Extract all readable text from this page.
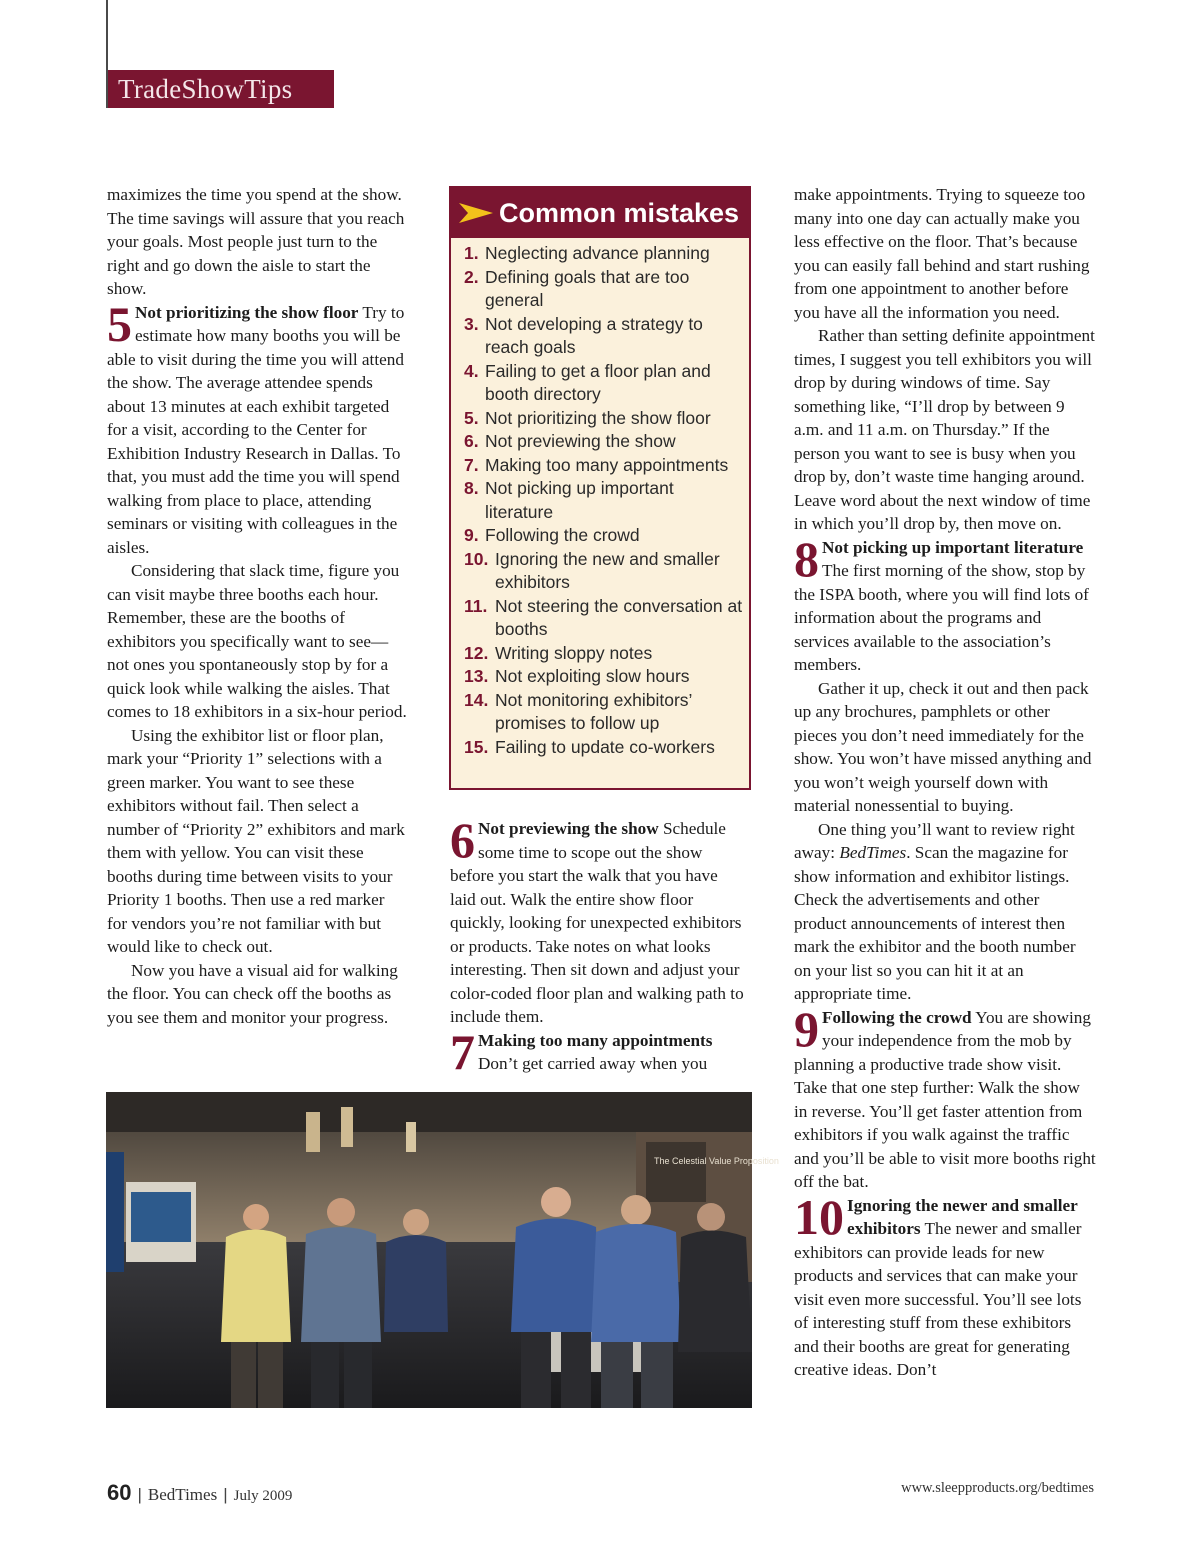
TradeShowTips

maximizes the time you spend at the show. The time savings will assure that you reach your goals. Most people just turn to the right and go down the aisle to start the show.

5 Not prioritizing the show floor Try to estimate how many booths you will be able to visit during the time you will attend the show. The average attendee spends about 13 minutes at each exhibit targeted for a visit, according to the Center for Exhibition Industry Research in Dallas. To that, you must add the time you will spend walking from place to place, attending seminars or visiting with colleagues in the aisles.

Considering that slack time, figure you can visit maybe three booths each hour. Remember, these are the booths of exhibitors you specifically want to see—not ones you spontaneously stop by for a quick look while walking the aisles. That comes to 18 exhibitors in a six-hour period.

Using the exhibitor list or floor plan, mark your “Priority 1” selections with a green marker. You want to see these exhibitors without fail. Then select a number of “Priority 2” exhibitors and mark them with yellow. You can visit these booths during time between visits to your Priority 1 booths. Then use a red marker for vendors you’re not familiar with but would like to check out.

Now you have a visual aid for walking the floor. You can check off the booths as you see them and monitor your progress.

Common mistakes
1. Neglecting advance planning
2. Defining goals that are too general
3. Not developing a strategy to reach goals
4. Failing to get a floor plan and booth directory
5. Not prioritizing the show floor
6. Not previewing the show
7. Making too many appointments
8. Not picking up important literature
9. Following the crowd
10. Ignoring the new and smaller exhibitors
11. Not steering the conversation at booths
12. Writing sloppy notes
13. Not exploiting slow hours
14. Not monitoring exhibitors’ promises to follow up
15. Failing to update co-workers

6 Not previewing the show Schedule some time to scope out the show before you start the walk that you have laid out. Walk the entire show floor quickly, looking for unexpected exhibitors or products. Take notes on what looks interesting. Then sit down and adjust your color-coded floor plan and walking path to include them.

7 Making too many appointments Don’t get carried away when you

make appointments. Trying to squeeze too many into one day can actually make you less effective on the floor. That’s because you can easily fall behind and start rushing from one appointment to another before you have all the information you need.

Rather than setting definite appointment times, I suggest you tell exhibitors you will drop by during windows of time. Say something like, “I’ll drop by between 9 a.m. and 11 a.m. on Thursday.” If the person you want to see is busy when you drop by, don’t waste time hanging around. Leave word about the next window of time in which you’ll drop by, then move on.

8 Not picking up important literature The first morning of the show, stop by the ISPA booth, where you will find lots of information about the programs and services available to the association’s members.

Gather it up, check it out and then pack up any brochures, pamphlets or other pieces you don’t need immediately for the show. You won’t have missed anything and you won’t weigh yourself down with material nonessential to buying.

One thing you’ll want to review right away: BedTimes. Scan the magazine for show information and exhibitor listings. Check the advertisements and other product announcements of interest then mark the exhibitor and the booth number on your list so you can hit it at an appropriate time.

9 Following the crowd You are showing your independence from the mob by planning a productive trade show visit. Take that one step further: Walk the show in reverse. You’ll get faster attention from exhibitors if you walk against the traffic and you’ll be able to visit more booths right off the bat.

10 Ignoring the newer and smaller exhibitors The newer and smaller exhibitors can provide leads for new products and services that can make your visit even more successful. You’ll see lots of interesting stuff from these exhibitors and their booths are great for generating creative ideas. Don’t

The Celestial Value Proposition
60 | BedTimes | July 2009	www.sleepproducts.org/bedtimes
